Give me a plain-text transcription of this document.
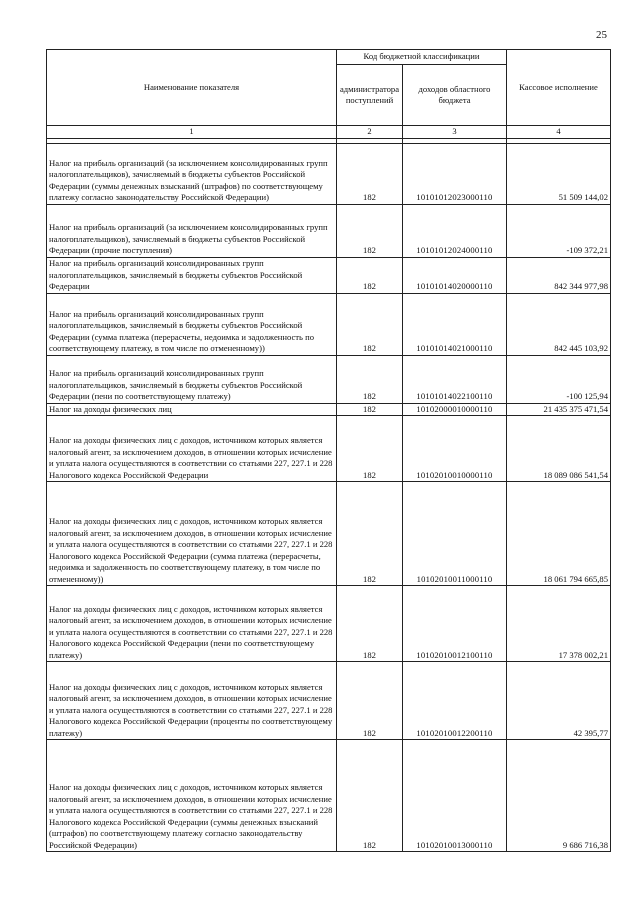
25
Наименование показателя	Код бюджетной классификации		Кассовое исполнение
	администратора поступлений	доходов областного бюджета	
1	2	3	4

Налог на прибыль организаций (за исключением консолидированных групп налогоплательщиков), зачисляемый в бюджеты субъектов Российской Федерации (суммы денежных взысканий (штрафов) по соответствующему платежу согласно законодательству Российской Федерации)	182	10101012023000110	51 509 144,02
Налог на прибыль организаций (за исключением консолидированных групп налогоплательщиков), зачисляемый в бюджеты субъектов Российской Федерации (прочие поступления)	182	10101012024000110	-109 372,21
Налог на прибыль организаций консолидированных групп налогоплательщиков, зачисляемый в бюджеты субъектов Российской Федерации	182	10101014020000110	842 344 977,98
Налог на прибыль организаций консолидированных групп налогоплательщиков, зачисляемый в бюджеты субъектов Российской Федерации (сумма платежа (перерасчеты, недоимка и задолженность по соответствующему платежу, в том числе по отмененному))	182	10101014021000110	842 445 103,92
Налог на прибыль организаций консолидированных групп налогоплательщиков, зачисляемый в бюджеты субъектов Российской Федерации (пени по соответствующему платежу)	182	10101014022100110	-100 125,94
Налог на доходы физических лиц	182	10102000010000110	21 435 375 471,54
Налог на доходы физических лиц с доходов, источником которых является налоговый агент, за исключением доходов, в отношении которых исчисление и уплата налога осуществляются в соответствии со статьями 227, 227.1 и 228 Налогового кодекса Российской Федерации	182	10102010010000110	18 089 086 541,54
Налог на доходы физических лиц с доходов, источником которых является налоговый агент, за исключением доходов, в отношении которых исчисление и уплата налога осуществляются в соответствии со статьями 227, 227.1 и 228 Налогового кодекса Российской Федерации (сумма платежа (перерасчеты, недоимка и задолженность по соответствующему платежу, в том числе по отмененному))	182	10102010011000110	18 061 794 665,85
Налог на доходы физических лиц с доходов, источником которых является налоговый агент, за исключением доходов, в отношении которых исчисление и уплата налога осуществляются в соответствии со статьями 227, 227.1 и 228 Налогового кодекса Российской Федерации (пени по соответствующему платежу)	182	10102010012100110	17 378 002,21
Налог на доходы физических лиц с доходов, источником которых является налоговый агент, за исключением доходов, в отношении которых исчисление и уплата налога осуществляются в соответствии со статьями 227, 227.1 и 228 Налогового кодекса Российской Федерации (проценты по соответствующему платежу)	182	10102010012200110	42 395,77
Налог на доходы физических лиц с доходов, источником которых является налоговый агент, за исключением доходов, в отношении которых исчисление и уплата налога осуществляются в соответствии со статьями 227, 227.1 и 228 Налогового кодекса Российской Федерации (суммы денежных взысканий (штрафов) по соответствующему платежу согласно законодательству Российской Федерации)	182	10102010013000110	9 686 716,38
